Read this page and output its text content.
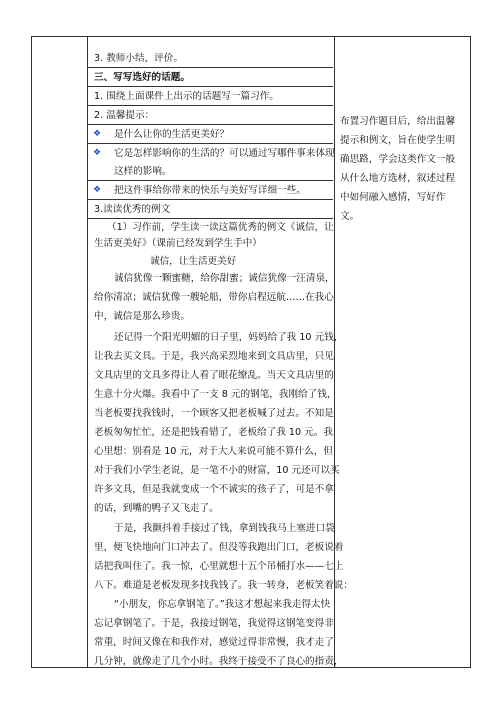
3. 教师小结，评价。
三、写写选好的话题。
1. 围绕上面课件上出示的话题写一篇习作。
2. 温馨提示：
❖ 是什么让你的生活更美好？
❖ 它是怎样影响你的生活的？可以通过写哪件事来体现
这样的影响。
❖ 把这件事给你带来的快乐与美好写详细一些。
3.读读优秀的例文
（1）习作前，学生读一读这篇优秀的例文《诚信，让
生活更美好》（课前已经发到学生手中）
诚信，让生活更美好
诚信犹像一颗蜜糖，给你甜蜜；诚信犹像一汪清泉，
给你清凉；诚信犹像一艘轮船，带你启程远航……在我心
中，诚信是那么珍贵。
还记得一个阳光明媚的日子里，妈妈给了我 10 元钱，
让我去买文具。于是，我兴高采烈地来到文具店里，只见
文具店里的文具多得让人看了眼花缭乱。当天文具店里的
生意十分火爆。我看中了一支 8 元的钢笔，我刚给了钱，
当老板要找我钱时，一个顾客又把老板喊了过去。不知是
老板匆匆忙忙，还是把钱看错了，老板给了我 10 元。我
心里想：别看是 10 元，对于大人来说可能不算什么，但
对于我们小学生老说，是一笔不小的财富，10 元还可以买
许多文具，但是我就变成一个不诚实的孩子了，可是不拿
的话，到嘴的鸭子又飞走了。
于是，我颤抖着手接过了钱，拿到钱我马上塞进口袋
里，便飞快地向门口冲去了。但没等我跑出门口，老板说着
话把我叫住了。我一惊，心里就想十五个吊桶打水——七上
八下。难道是老板发现多找我钱了。我一转身，老板笑着说：
“小朋友，你忘拿钢笔了。”我这才想起来我走得太快
忘记拿钢笔了。于是，我接过钢笔，我觉得这钢笔变得非
常重，时间又像在和我作对，感觉过得非常慢，我才走了
几分钟，就像走了几个小时。我终于接受不了良心的指责，
布置习作题目后，给出温馨提示和例文，旨在使学生明确思路，学会这类作文一般从什么地方选材，叙述过程中如何融入感情，写好作文。
